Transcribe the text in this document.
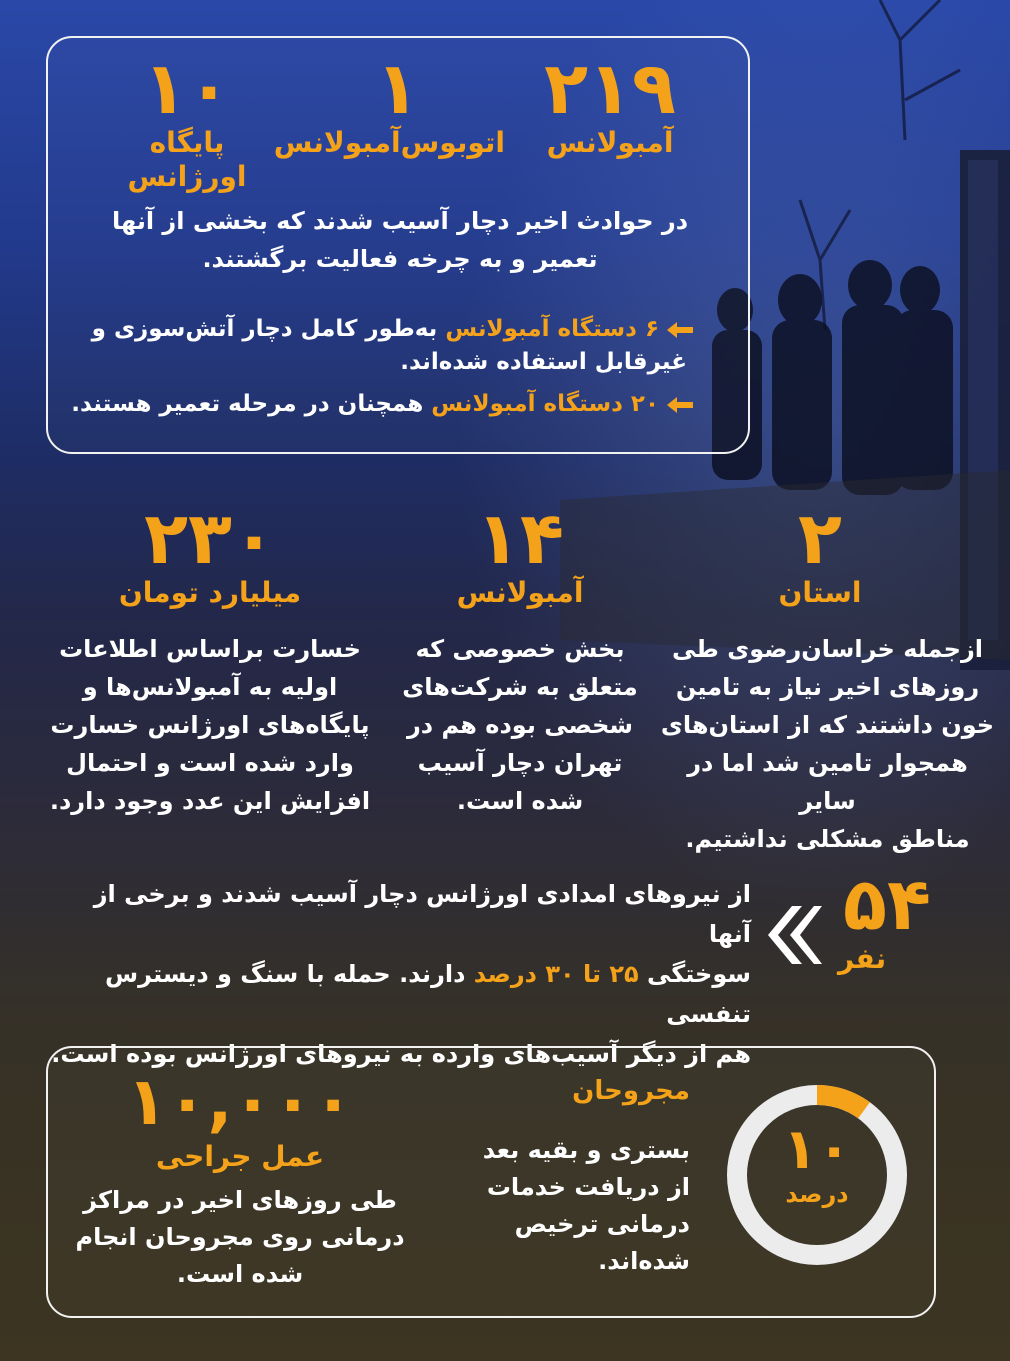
۲۱۹
آمبولانس
۱
اتوبوس‌آمبولانس
۱۰
پایگاه اورژانس
در حوادث اخیر دچار آسیب شدند که بخشی از آنها
تعمیر و به چرخه فعالیت برگشتند.
۶ دستگاه آمبولانس به‌طور کامل دچار آتش‌سوزی و
غیرقابل استفاده شده‌اند.
۲۰ دستگاه آمبولانس همچنان در مرحله تعمیر هستند.
۲
استان
ازجمله خراسان‌رضوی طی
روزهای اخیر نیاز به تامین
خون داشتند که از استان‌های
همجوار تامین شد اما در سایر
مناطق مشکلی نداشتیم.
۱۴
آمبولانس
بخش خصوصی که
متعلق به شرکت‌های
شخصی بوده هم در
تهران دچار آسیب
شده است.
۲۳۰
میلیارد تومان
خسارت براساس اطلاعات
اولیه به آمبولانس‌ها و
پایگاه‌های اورژانس خسارت
وارد شده است و احتمال
افزایش این عدد وجود دارد.
۵۴
نفر
از نیروهای امدادی اورژانس دچار آسیب شدند و برخی از آنها
سوختگی ۲۵ تا ۳۰ درصد دارند. حمله با سنگ و دیسترس تنفسی
هم از دیگر آسیب‌های وارده به نیروهای اورژانس بوده است.
۱۰
درصد
مجروحان
بستری و بقیه بعد
از دریافت خدمات
درمانی ترخیص
شده‌اند.
۱۰,۰۰۰
عمل جراحی
طی روزهای اخیر در مراکز
درمانی روی مجروحان انجام
شده است.
